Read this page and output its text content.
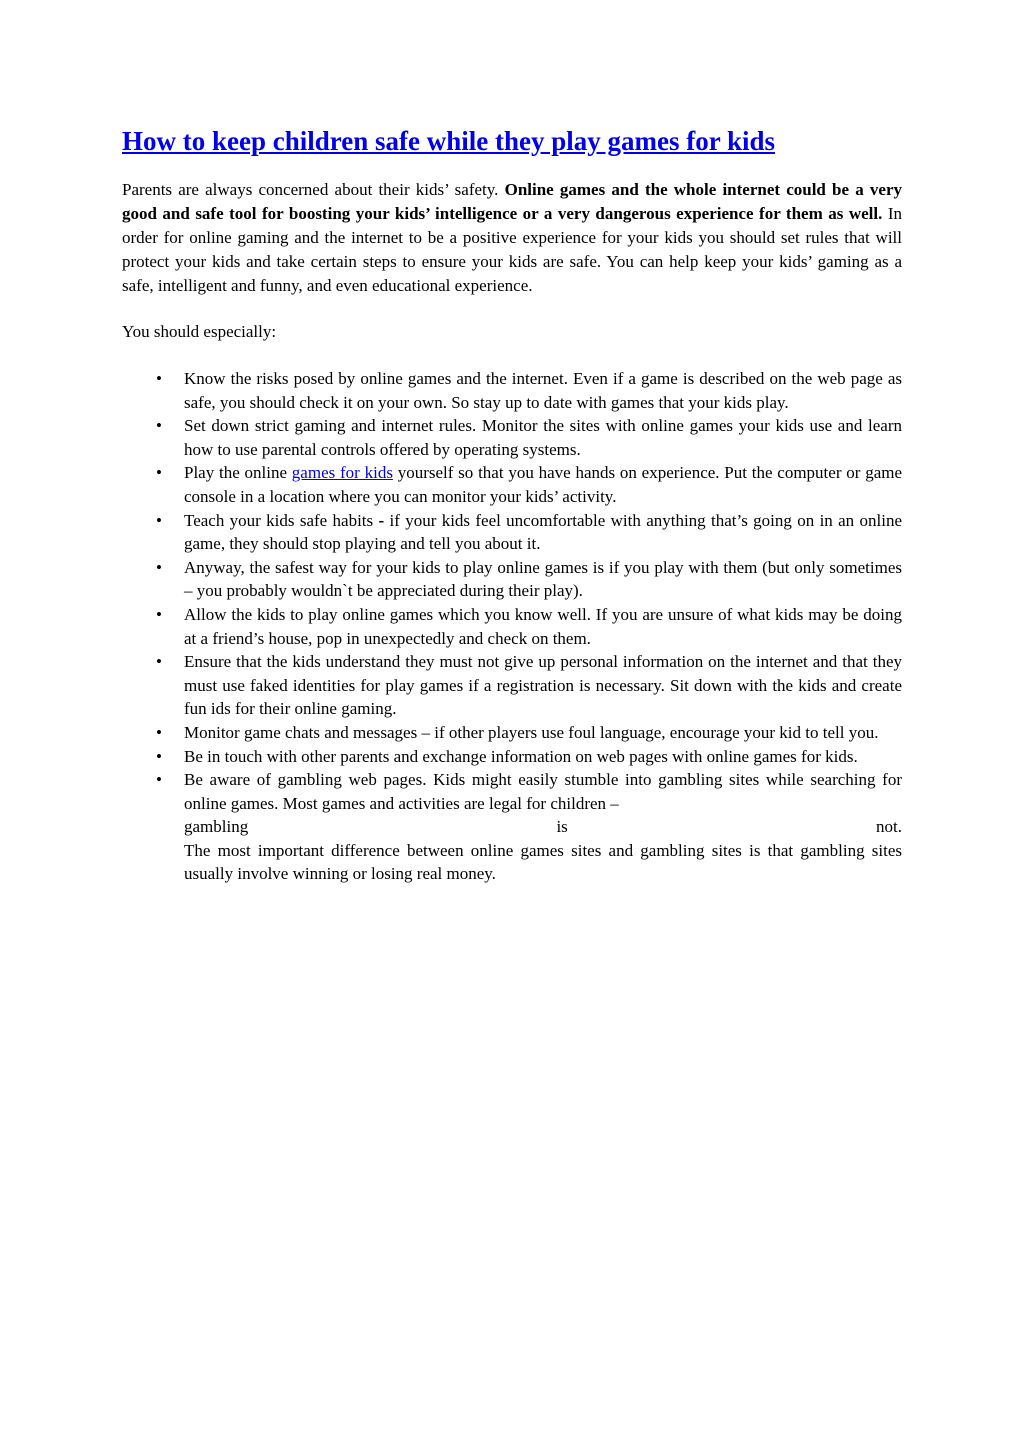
How to keep children safe while they play games for kids

Parents are always concerned about their kids’ safety. Online games and the whole internet could be a very good and safe tool for boosting your kids’ intelligence or a very dangerous experience for them as well. In order for online gaming and the internet to be a positive experience for your kids you should set rules that will protect your kids and take certain steps to ensure your kids are safe. You can help keep your kids’ gaming as a safe, intelligent and funny, and even educational experience.

You should especially:

• Know the risks posed by online games and the internet. Even if a game is described on the web page as safe, you should check it on your own. So stay up to date with games that your kids play.
• Set down strict gaming and internet rules. Monitor the sites with online games your kids use and learn how to use parental controls offered by operating systems.
• Play the online games for kids yourself so that you have hands on experience. Put the computer or game console in a location where you can monitor your kids’ activity.
• Teach your kids safe habits - if your kids feel uncomfortable with anything that’s going on in an online game, they should stop playing and tell you about it.
• Anyway, the safest way for your kids to play online games is if you play with them (but only sometimes – you probably wouldn`t be appreciated during their play).
• Allow the kids to play online games which you know well. If you are unsure of what kids may be doing at a friend’s house, pop in unexpectedly and check on them.
• Ensure that the kids understand they must not give up personal information on the internet and that they must use faked identities for play games if a registration is necessary. Sit down with the kids and create fun ids for their online gaming.
• Monitor game chats and messages – if other players use foul language, encourage your kid to tell you.
• Be in touch with other parents and exchange information on web pages with online games for kids.
• Be aware of gambling web pages. Kids might easily stumble into gambling sites while searching for online games. Most games and activities are legal for children –
gambling	is	not.
The most important difference between online games sites and gambling sites is that gambling sites usually involve winning or losing real money.
